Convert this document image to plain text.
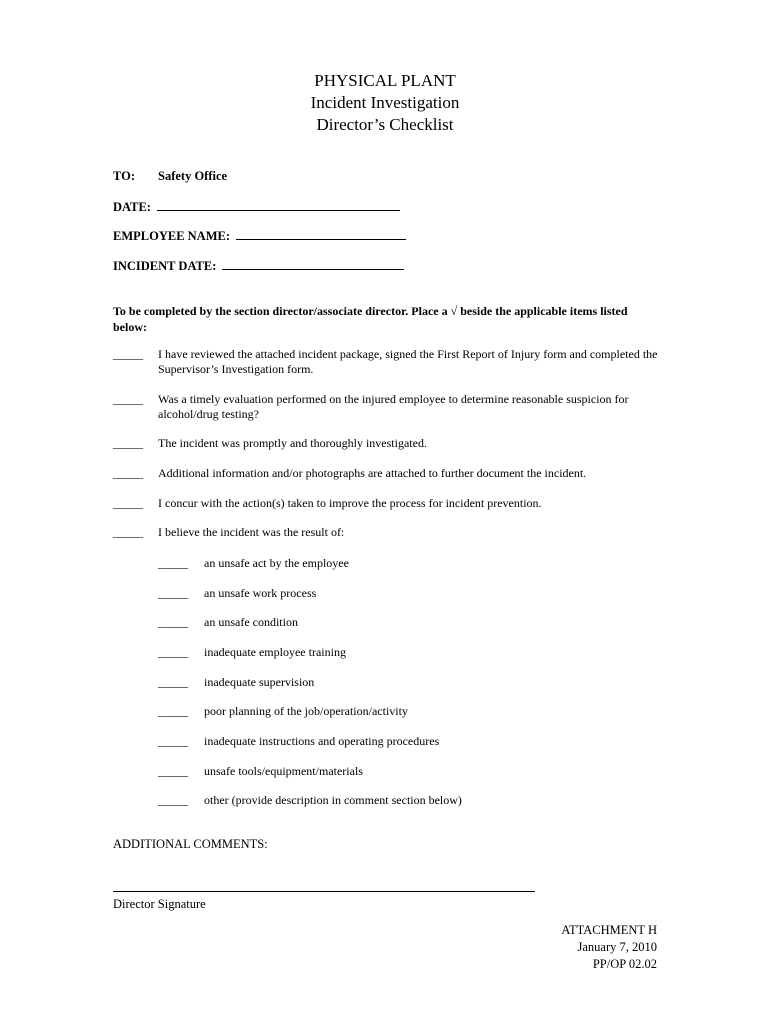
PHYSICAL PLANT
Incident Investigation
Director’s Checklist
TO: Safety Office
DATE:
EMPLOYEE NAME:
INCIDENT DATE:
To be completed by the section director/associate director. Place a √ beside the applicable items listed below:
_____ I have reviewed the attached incident package, signed the First Report of Injury form and completed the Supervisor’s Investigation form.
_____ Was a timely evaluation performed on the injured employee to determine reasonable suspicion for alcohol/drug testing?
_____ The incident was promptly and thoroughly investigated.
_____ Additional information and/or photographs are attached to further document the incident.
_____ I concur with the action(s) taken to improve the process for incident prevention.
_____ I believe the incident was the result of:
_____ an unsafe act by the employee
_____ an unsafe work process
_____ an unsafe condition
_____ inadequate employee training
_____ inadequate supervision
_____ poor planning of the job/operation/activity
_____ inadequate instructions and operating procedures
_____ unsafe tools/equipment/materials
_____ other (provide description in comment section below)
ADDITIONAL COMMENTS:
Director Signature
ATTACHMENT H
January 7, 2010
PP/OP 02.02
